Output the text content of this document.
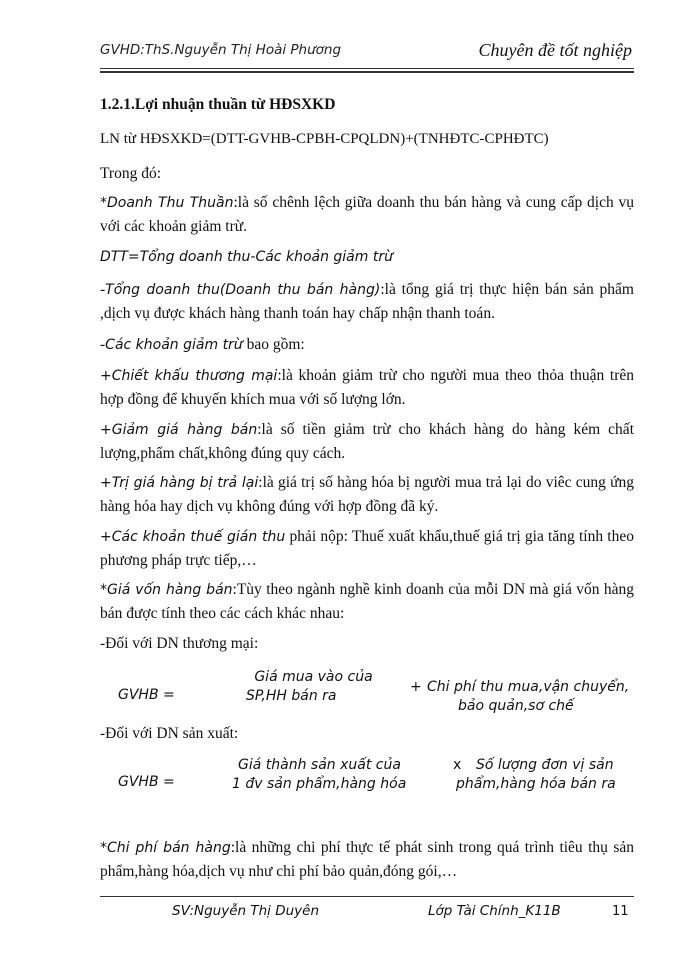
GVHD:ThS.Nguyễn Thị Hoài Phương	Chuyên đề tốt nghiệp
1.2.1.Lợi nhuận thuần từ HĐSXKD
LN từ HĐSXKD=(DTT-GVHB-CPBH-CPQLDN)+(TNHĐTC-CPHĐTC)
Trong đó:
*Doanh Thu Thuần:là số chênh lệch giữa doanh thu bán hàng và cung cấp dịch vụ với các khoản giảm trừ.
DTT=Tổng doanh thu-Các khoản giảm trừ
-Tổng doanh thu(Doanh thu bán hàng):là tổng giá trị thực hiện bán sản phẩm ,dịch vụ được khách hàng thanh toán hay chấp nhận thanh toán.
-Các khoản giảm trừ bao gồm:
+Chiết khấu thương mại:là khoản giảm trừ cho người mua theo thỏa thuận trên hợp đồng để khuyến khích mua với số lượng lớn.
+Giảm giá hàng bán:là số tiền giảm trừ cho khách hàng do hàng kém chất lượng,phẩm chất,không đúng quy cách.
+Trị giá hàng bị trả lại:là giá trị số hàng hóa bị người mua trả lại do viêc cung ứng hàng hóa hay dịch vụ không đúng với hợp đồng đã ký.
+Các khoản thuế gián thu phải nộp: Thuế xuất khẩu,thuế giá trị gia tăng tính theo phương pháp trực tiếp,…
*Giá vốn hàng bán:Tùy theo ngành nghề kinh doanh của mỗi DN mà giá vốn hàng bán được tính theo các cách khác nhau:
-Đối với DN thương mại:
GVHB =
Giá mua vào của
SP,HH bán ra
+ Chi phí thu mua,vận chuyển,
bảo quản,sơ chế
-Đối với DN sản xuất:
GVHB =
Giá thành sản xuất của
1 đv sản phẩm,hàng hóa
x Số lượng đơn vị sản
phẩm,hàng hóa bán ra
*Chi phí bán hàng:là những chi phí thực tế phát sinh trong quá trình tiêu thụ sản phẩm,hàng hóa,dịch vụ như chi phí bảo quản,đóng gói,…
SV:Nguyễn Thị Duyên	Lớp Tài Chính_K11B	11
